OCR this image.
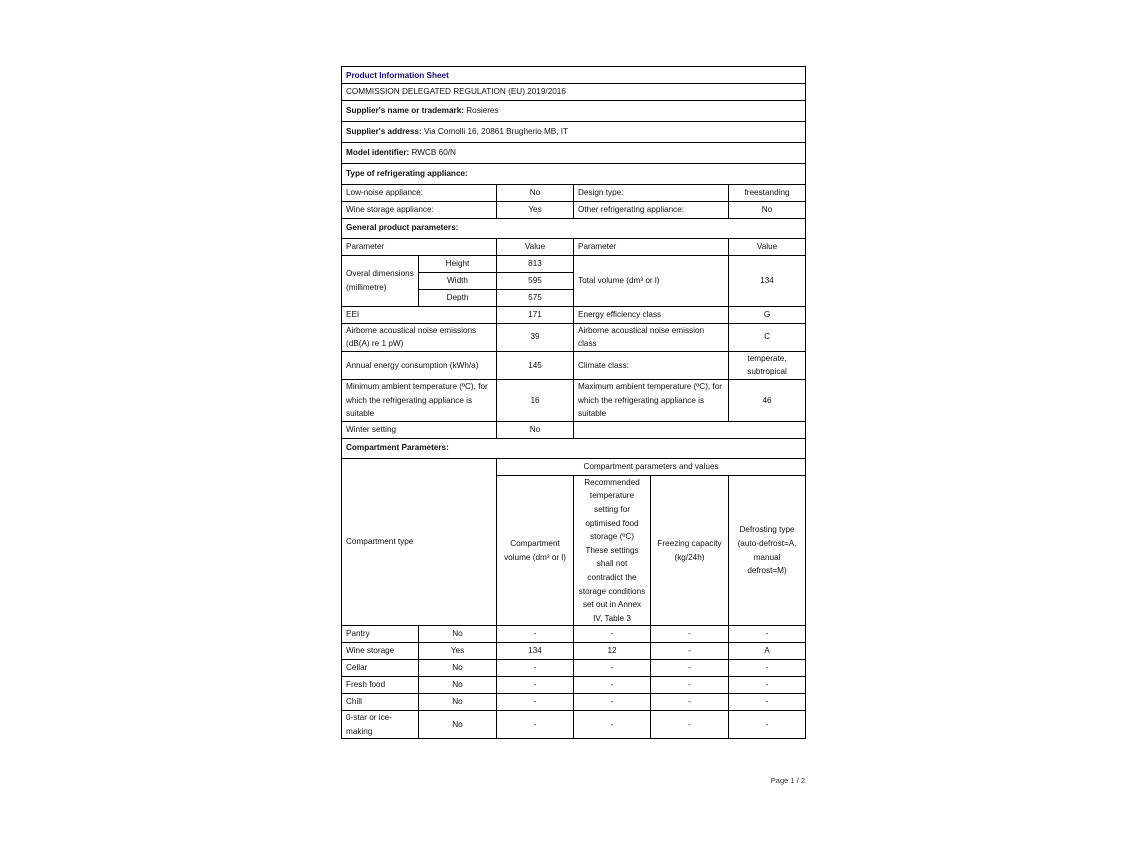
Product Information Sheet					
COMMISSION DELEGATED REGULATION (EU) 2019/2016					
Supplier's name or trademark: Rosieres					
Supplier's address: Via Comolli 16, 20861 Brugherio MB, IT					
Model identifier: RWCB 60/N					
Type of refrigerating appliance:					
Low-noise appliance:		No	Design type:		freestanding
Wine storage appliance:		Yes	Other refrigerating appliance:		No
General product parameters:					
Parameter		Value	Parameter		Value
Overal dimensions (millimetre)	Height	813	Total volume (dm³ or l)		134
	Width	595			
	Depth	575			
EEI		171	Energy efficiency class		G
Airborne acoustical noise emissions (dB(A) re 1 pW)		39	Airborne acoustical noise emission class		C
Annual energy consumption (kWh/a)		145	Climate class:		temperate, subtropical
Minimum ambient temperature (ºC), for which the refrigerating appliance is suitable		16	Maximum ambient temperature (ºC), for which the refrigerating appliance is suitable		46
Winter setting		No			
Compartment Parameters:					
Compartment type		Compartment parameters and values			
		Compartment volume (dm³ or l)	Recommended temperature setting for optimised food storage (ºC) These settings shall not contradict the storage conditions set out in Annex IV, Table 3	Freezing capacity (kg/24h)	Defrosting type (auto-defrost=A, manual defrost=M)
Pantry	No	-	-	-	-
Wine storage	Yes	134	12	-	A
Cellar	No	-	-	-	-
Fresh food	No	-	-	-	-
Chill	No	-	-	-	-
0-star or ice-making	No	-	-	-	-
Page 1 / 2
